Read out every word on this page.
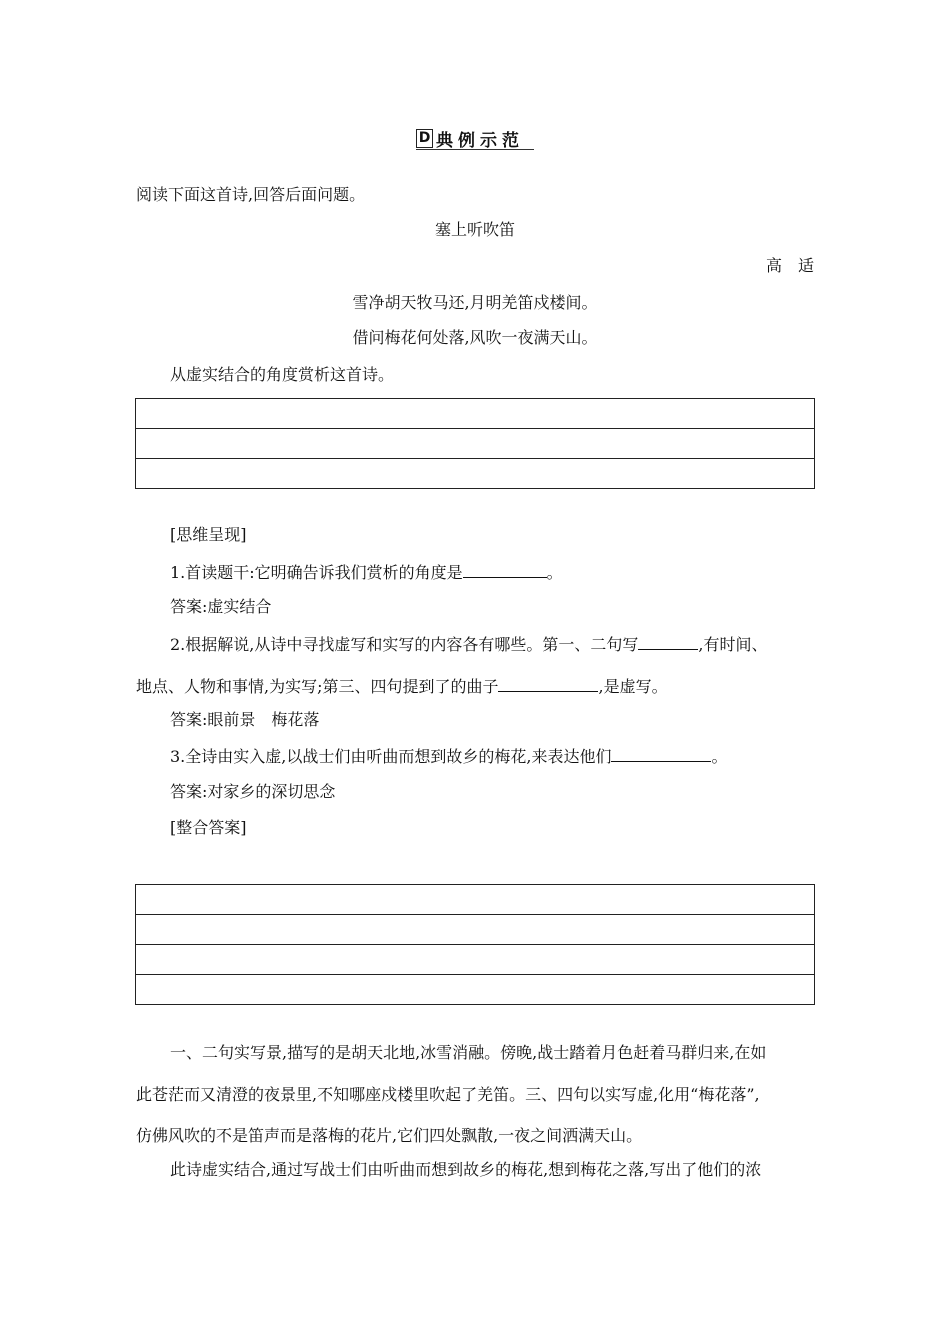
D 典例示范
阅读下面这首诗,回答后面问题。
塞上听吹笛
高　适
雪净胡天牧马还,月明羌笛戍楼间。
借问梅花何处落,风吹一夜满天山。
从虚实结合的角度赏析这首诗。
[思维呈现]
1.首读题干:它明确告诉我们赏析的角度是	。
答案:虚实结合
2.根据解说,从诗中寻找虚写和实写的内容各有哪些。第一、二句写	,有时间、
地点、人物和事情,为实写;第三、四句提到了的曲子	,是虚写。
答案:眼前景　梅花落
3.全诗由实入虚,以战士们由听曲而想到故乡的梅花,来表达他们	。
答案:对家乡的深切思念
[整合答案]
一、二句实写景,描写的是胡天北地,冰雪消融。傍晚,战士踏着月色赶着马群归来,在如
此苍茫而又清澄的夜景里,不知哪座戍楼里吹起了羌笛。三、四句以实写虚,化用“梅花落”,
仿佛风吹的不是笛声而是落梅的花片,它们四处飘散,一夜之间洒满天山。
此诗虚实结合,通过写战士们由听曲而想到故乡的梅花,想到梅花之落,写出了他们的浓
